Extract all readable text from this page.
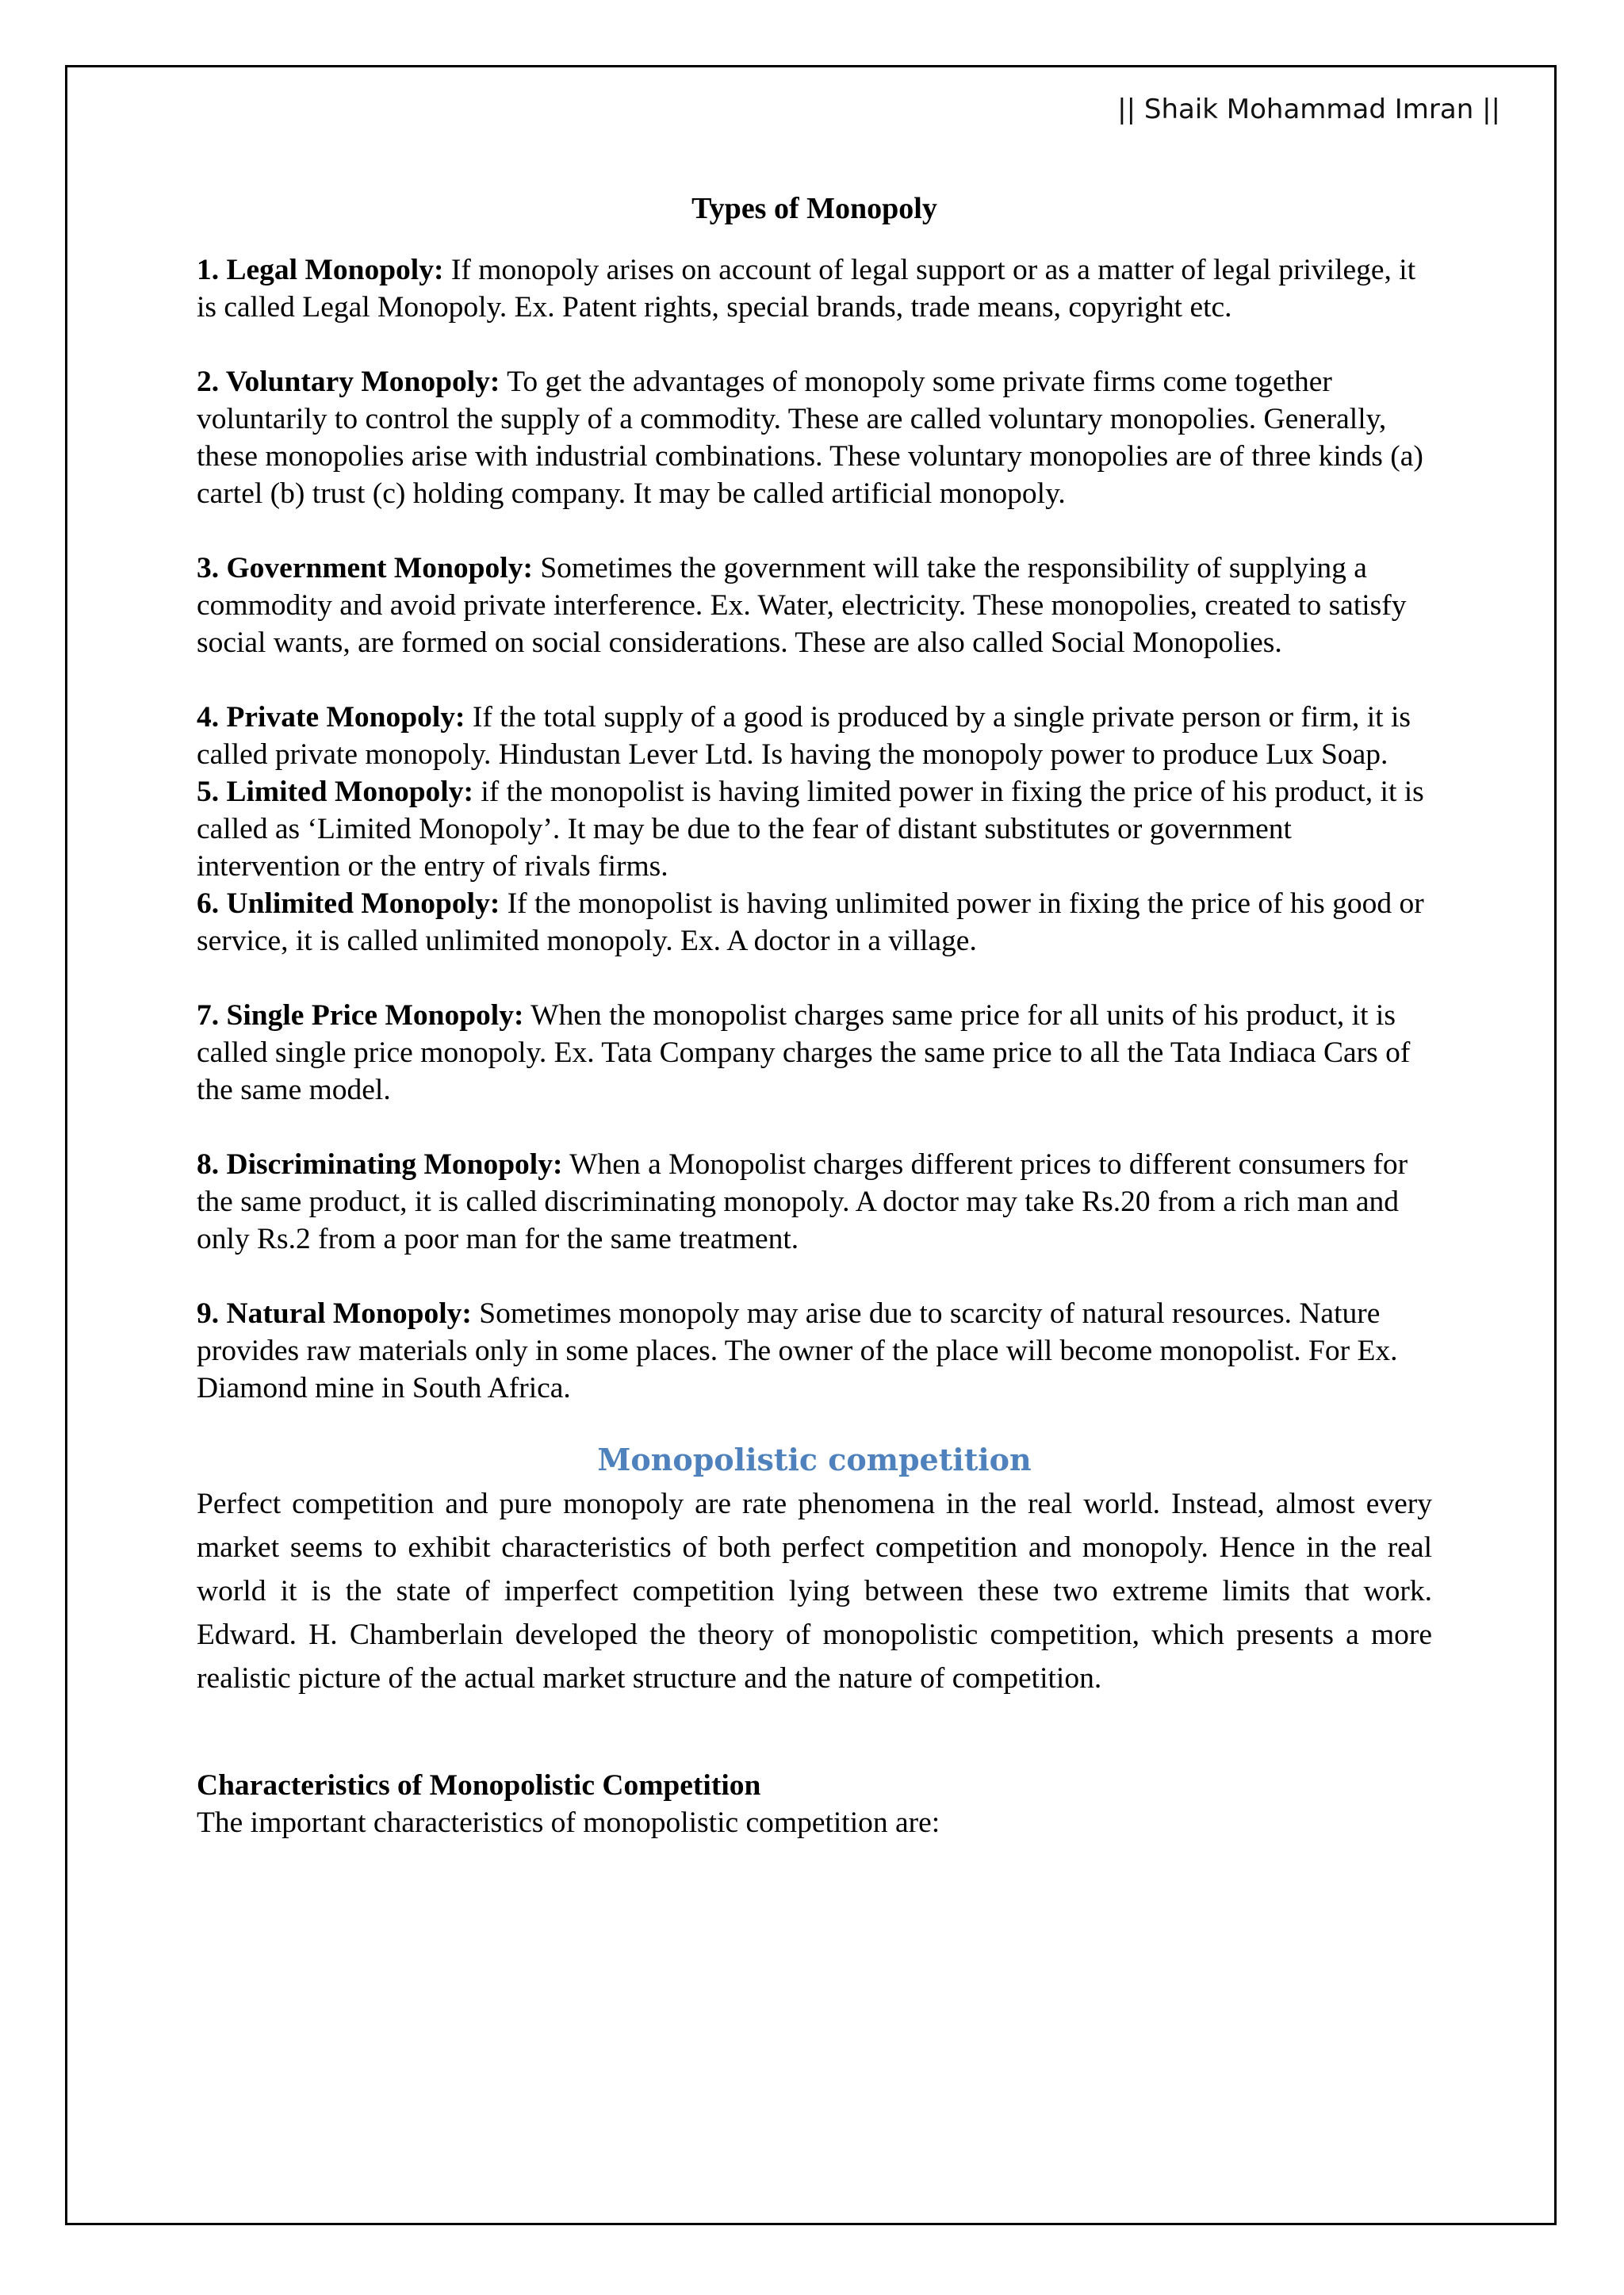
|| Shaik Mohammad Imran ||
Types of Monopoly

1. Legal Monopoly: If monopoly arises on account of legal support or as a matter of legal privilege, it is called Legal Monopoly. Ex. Patent rights, special brands, trade means, copyright etc.

2. Voluntary Monopoly: To get the advantages of monopoly some private firms come together voluntarily to control the supply of a commodity. These are called voluntary monopolies. Generally, these monopolies arise with industrial combinations. These voluntary monopolies are of three kinds (a) cartel (b) trust (c) holding company. It may be called artificial monopoly.

3. Government Monopoly: Sometimes the government will take the responsibility of supplying a commodity and avoid private interference. Ex. Water, electricity. These monopolies, created to satisfy social wants, are formed on social considerations. These are also called Social Monopolies.

4. Private Monopoly: If the total supply of a good is produced by a single private person or firm, it is called private monopoly. Hindustan Lever Ltd. Is having the monopoly power to produce Lux Soap.

5. Limited Monopoly: if the monopolist is having limited power in fixing the price of his product, it is called as ‘Limited Monopoly’. It may be due to the fear of distant substitutes or government intervention or the entry of rivals firms.

6. Unlimited Monopoly: If the monopolist is having unlimited power in fixing the price of his good or service, it is called unlimited monopoly. Ex. A doctor in a village.

7. Single Price Monopoly: When the monopolist charges same price for all units of his product, it is called single price monopoly. Ex. Tata Company charges the same price to all the Tata Indiaca Cars of the same model.

8. Discriminating Monopoly: When a Monopolist charges different prices to different consumers for the same product, it is called discriminating monopoly. A doctor may take Rs.20 from a rich man and only Rs.2 from a poor man for the same treatment.

9. Natural Monopoly: Sometimes monopoly may arise due to scarcity of natural resources. Nature provides raw materials only in some places. The owner of the place will become monopolist. For Ex. Diamond mine in South Africa.

Monopolistic competition

Perfect competition and pure monopoly are rate phenomena in the real world. Instead, almost every market seems to exhibit characteristics of both perfect competition and monopoly. Hence in the real world it is the state of imperfect competition lying between these two extreme limits that work. Edward. H. Chamberlain developed the theory of monopolistic competition, which presents a more realistic picture of the actual market structure and the nature of competition.

Characteristics of Monopolistic Competition
The important characteristics of monopolistic competition are:
